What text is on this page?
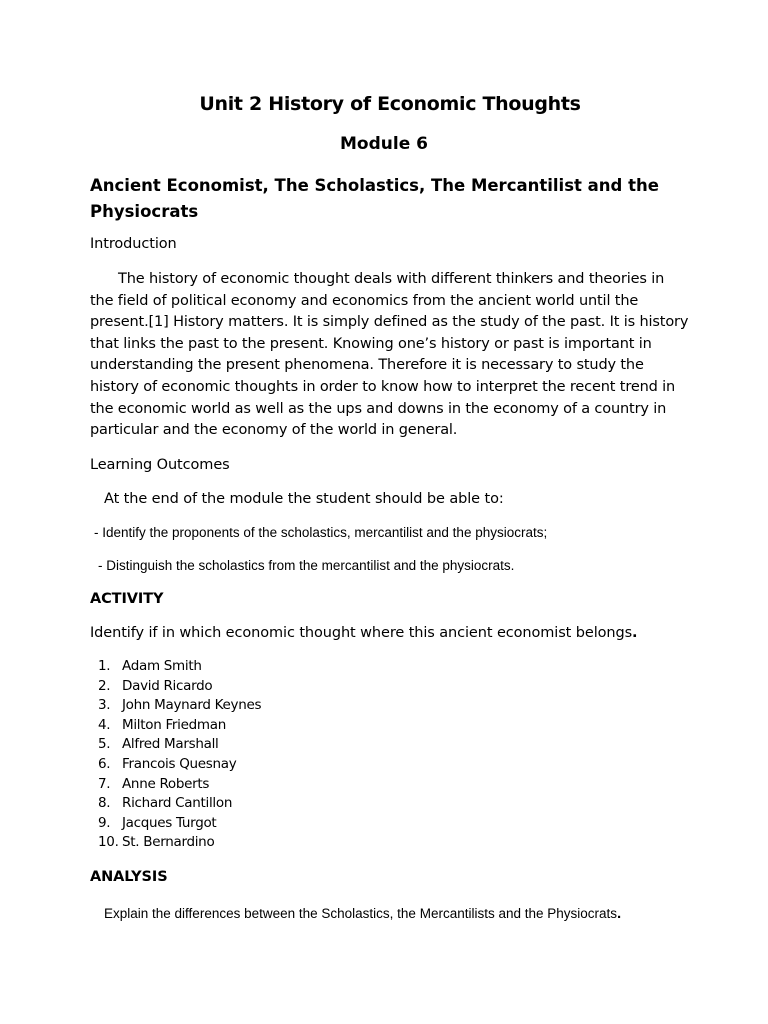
Unit 2 History of Economic Thoughts
Module 6
Ancient Economist, The Scholastics, The Mercantilist and the Physiocrats
Introduction
The history of economic thought deals with different thinkers and theories in the field of political economy and economics from the ancient world until the present.[1] History matters. It is simply defined as the study of the past. It is history that links the past to the present. Knowing one’s history or past is important in understanding the present phenomena. Therefore it is necessary to study the history of economic thoughts in order to know how to interpret the recent trend in the economic world as well as the ups and downs in the economy of a country in particular and the economy of the world in general.
Learning Outcomes
At the end of the module the student should be able to:
- Identify the proponents of the scholastics, mercantilist and the physiocrats;
- Distinguish the scholastics from the mercantilist and the physiocrats.
ACTIVITY
Identify if in which economic thought where this ancient economist belongs.
1. Adam Smith
2. David Ricardo
3. John Maynard Keynes
4. Milton Friedman
5. Alfred Marshall
6. Francois Quesnay
7. Anne Roberts
8. Richard Cantillon
9. Jacques Turgot
10. St. Bernardino
ANALYSIS
Explain the differences between the Scholastics, the Mercantilists and the Physiocrats.
